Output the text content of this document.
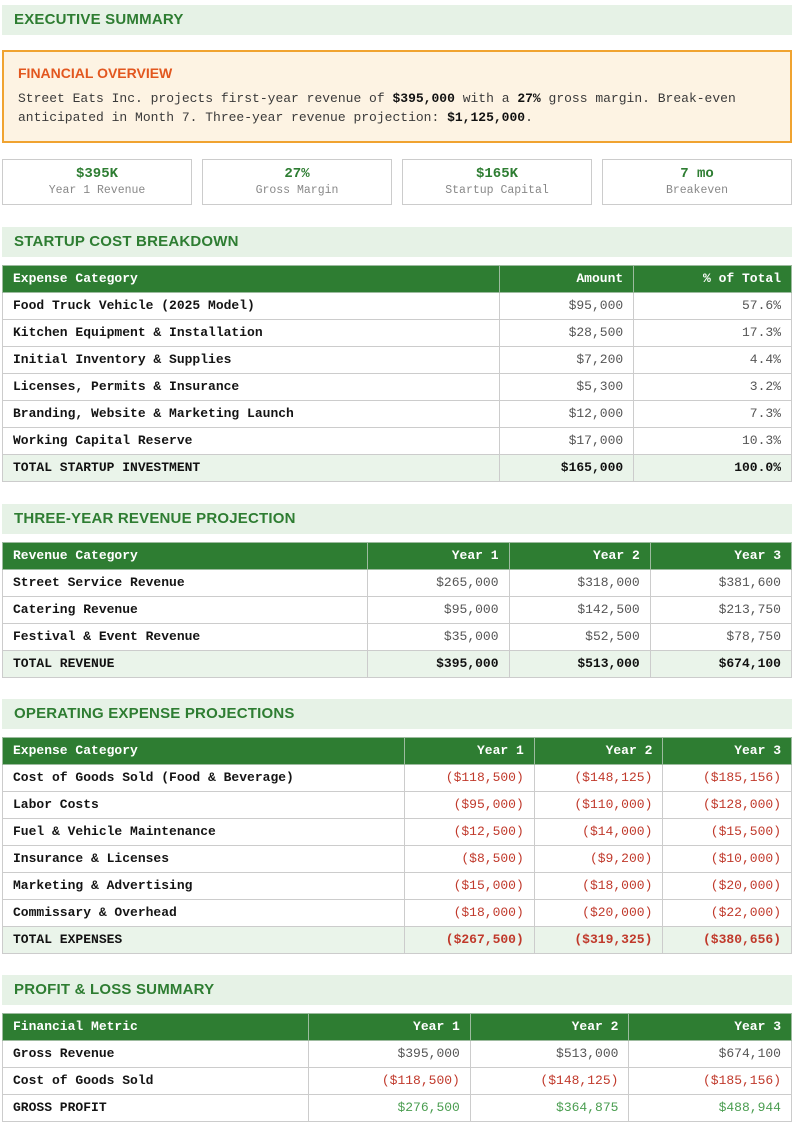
EXECUTIVE SUMMARY
FINANCIAL OVERVIEW

Street Eats Inc. projects first-year revenue of $395,000 with a 27% gross margin. Break-even anticipated in Month 7. Three-year revenue projection: $1,125,000.

$395K
Year 1 Revenue
27%
Gross Margin
$165K
Startup Capital
7 mo
Breakeven
STARTUP COST BREAKDOWN
Expense Category	Amount	% of Total
Food Truck Vehicle (2025 Model)	$95,000	57.6%
Kitchen Equipment & Installation	$28,500	17.3%
Initial Inventory & Supplies	$7,200	4.4%
Licenses, Permits & Insurance	$5,300	3.2%
Branding, Website & Marketing Launch	$12,000	7.3%
Working Capital Reserve	$17,000	10.3%
TOTAL STARTUP INVESTMENT	$165,000	100.0%
THREE-YEAR REVENUE PROJECTION
Revenue Category	Year 1	Year 2	Year 3
Street Service Revenue	$265,000	$318,000	$381,600
Catering Revenue	$95,000	$142,500	$213,750
Festival & Event Revenue	$35,000	$52,500	$78,750
TOTAL REVENUE	$395,000	$513,000	$674,100
OPERATING EXPENSE PROJECTIONS
Expense Category	Year 1	Year 2	Year 3
Cost of Goods Sold (Food & Beverage)	($118,500)	($148,125)	($185,156)
Labor Costs	($95,000)	($110,000)	($128,000)
Fuel & Vehicle Maintenance	($12,500)	($14,000)	($15,500)
Insurance & Licenses	($8,500)	($9,200)	($10,000)
Marketing & Advertising	($15,000)	($18,000)	($20,000)
Commissary & Overhead	($18,000)	($20,000)	($22,000)
TOTAL EXPENSES	($267,500)	($319,325)	($380,656)
PROFIT & LOSS SUMMARY
Financial Metric	Year 1	Year 2	Year 3
Gross Revenue	$395,000	$513,000	$674,100
Cost of Goods Sold	($118,500)	($148,125)	($185,156)
GROSS PROFIT	$276,500	$364,875	$488,944
